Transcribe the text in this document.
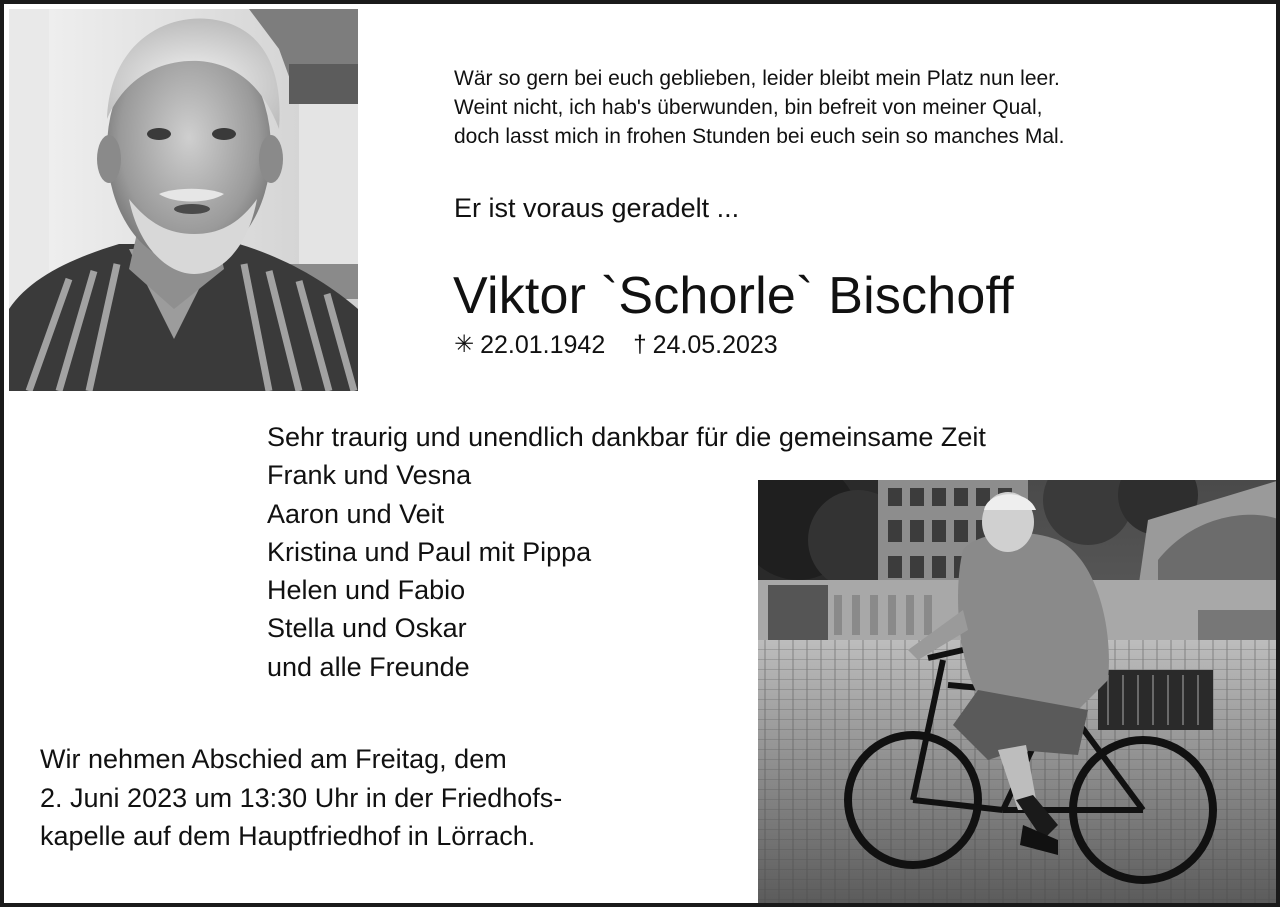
Wär so gern bei euch geblieben, leider bleibt mein Platz nun leer.
Weint nicht, ich hab's überwunden, bin befreit von meiner Qual,
doch lasst mich in frohen Stunden bei euch sein so manches Mal.
Er ist voraus geradelt ...
Viktor `Schorle` Bischoff
✳ 22.01.1942 † 24.05.2023
Sehr traurig und unendlich dankbar für die gemeinsame Zeit
Frank und Vesna
Aaron und Veit
Kristina und Paul mit Pippa
Helen und Fabio
Stella und Oskar
und alle Freunde
Wir nehmen Abschied am Freitag, dem
2. Juni 2023 um 13:30 Uhr in der Friedhofs-
kapelle auf dem Hauptfriedhof in Lörrach.
